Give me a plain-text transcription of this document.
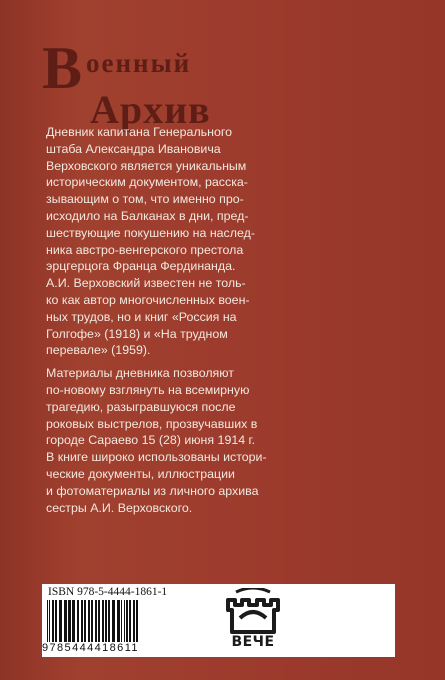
В оенный
Архив

Дневник капитана Генерального
штаба Александра Ивановича
Верховского является уникальным
историческим документом, расска-
зывающим о том, что именно про-
исходило на Балканах в дни, пред-
шествующие покушению на наслед-
ника австро-венгерского престола
эрцгерцога Франца Фердинанда.
А.И. Верховский известен не толь-
ко как автор многочисленных воен-
ных трудов, но и книг «Россия на
Голгофе» (1918) и «На трудном
перевале» (1959).

Материалы дневника позволяют
по-новому взглянуть на всемирную
трагедию, разыгравшуюся после
роковых выстрелов, прозвучавших в
городе Сараево 15 (28) июня 1914 г.
В книге широко использованы истори-
ческие документы, иллюстрации
и фотоматериалы из личного архива
сестры А.И. Верховского.

ISBN 978-5-4444-1861-1
9785444418611	ВЕЧЕ
